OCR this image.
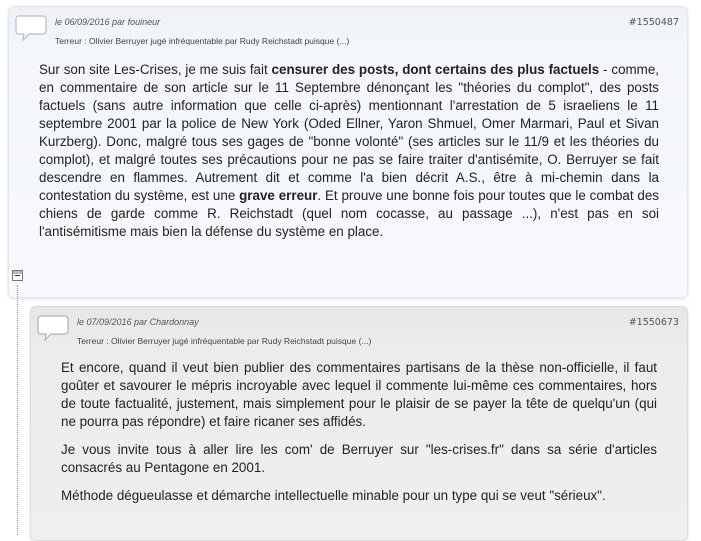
le 06/09/2016 par fouineur	#1550487
Terreur : Olivier Berruyer jugé infréquentable par Rudy Reichstadt puisque (...)

Sur son site Les-Crises, je me suis fait censurer des posts, dont certains des plus factuels - comme, en commentaire de son article sur le 11 Septembre dénonçant les "théories du complot", des posts factuels (sans autre information que celle ci-après) mentionnant l'arrestation de 5 israeliens le 11 septembre 2001 par la police de New York (Oded Ellner, Yaron Shmuel, Omer Marmari, Paul et Sivan Kurzberg). Donc, malgré tous ses gages de "bonne volonté" (ses articles sur le 11/9 et les théories du complot), et malgré toutes ses précautions pour ne pas se faire traiter d'antisémite, O. Berruyer se fait descendre en flammes. Autrement dit et comme l'a bien décrit A.S., être à mi-chemin dans la contestation du système, est une grave erreur. Et prouve une bonne fois pour toutes que le combat des chiens de garde comme R. Reichstadt (quel nom cocasse, au passage ...), n'est pas en soi l'antisémitisme mais bien la défense du système en place.

le 07/09/2016 par Chardonnay	#1550673
Terreur : Olivier Berruyer jugé infréquentable par Rudy Reichstadt puisque (...)

Et encore, quand il veut bien publier des commentaires partisans de la thèse non-officielle, il faut goûter et savourer le mépris incroyable avec lequel il commente lui-même ces commentaires, hors de toute factualité, justement, mais simplement pour le plaisir de se payer la tête de quelqu'un (qui ne pourra pas répondre) et faire ricaner ses affidés.

Je vous invite tous à aller lire les com' de Berruyer sur "les-crises.fr" dans sa série d'articles consacrés au Pentagone en 2001.

Méthode dégueulasse et démarche intellectuelle minable pour un type qui se veut "sérieux".
